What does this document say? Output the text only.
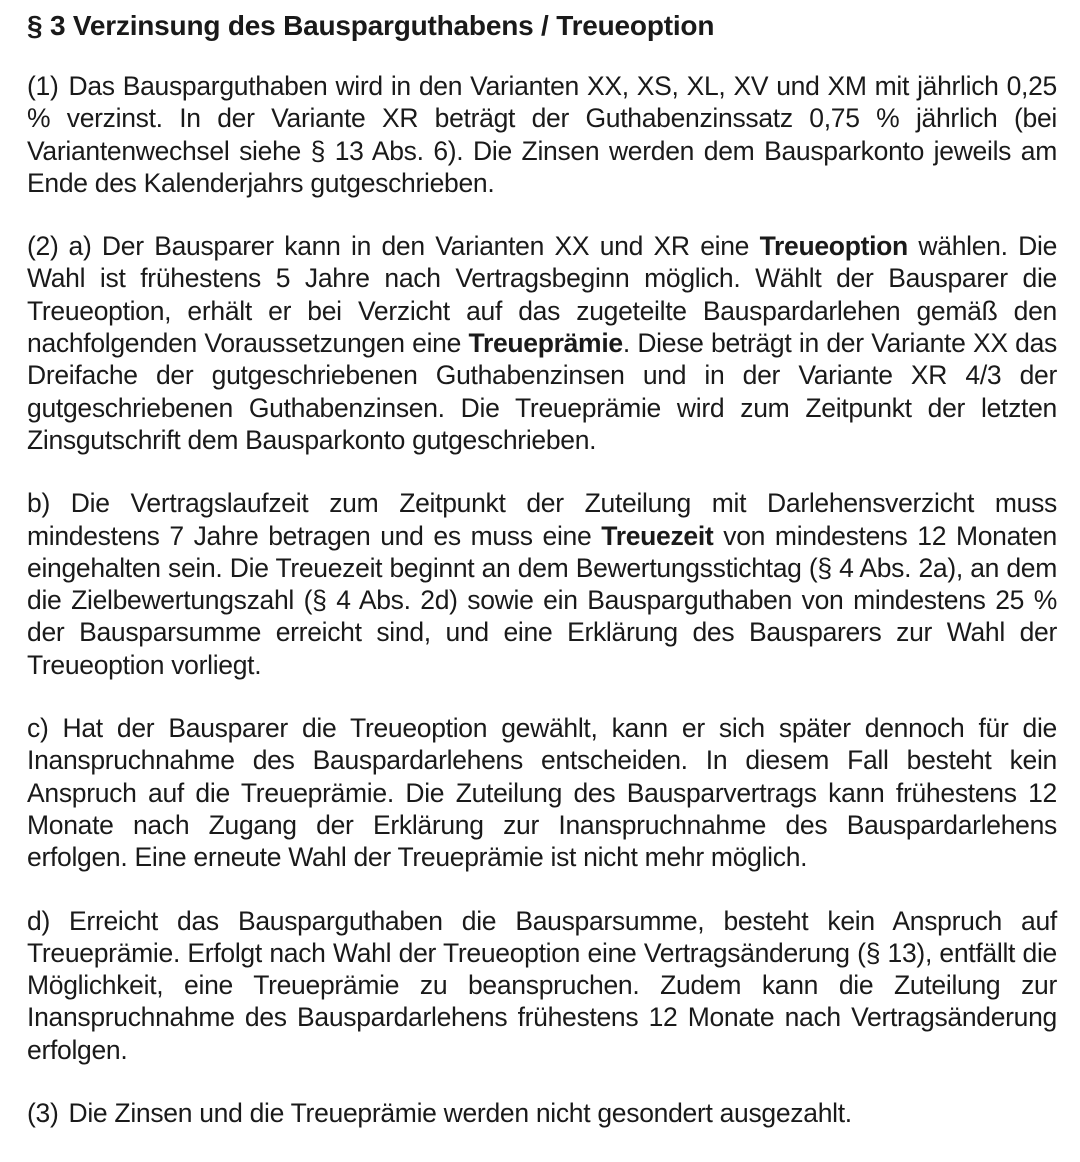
§ 3 Verzinsung des Bausparguthabens / Treueoption

(1) Das Bausparguthaben wird in den Varianten XX, XS, XL, XV und XM mit jährlich 0,25 % verzinst. In der Variante XR beträgt der Guthabenzinssatz 0,75 % jährlich (bei Variantenwechsel siehe § 13 Abs. 6). Die Zinsen werden dem Bausparkonto jeweils am Ende des Kalenderjahrs gutgeschrieben.

(2) a) Der Bausparer kann in den Varianten XX und XR eine Treueoption wählen. Die Wahl ist frühestens 5 Jahre nach Vertragsbeginn möglich. Wählt der Bausparer die Treueoption, erhält er bei Verzicht auf das zugeteilte Bauspardarlehen gemäß den nachfolgenden Voraussetzungen eine Treueprämie. Diese beträgt in der Variante XX das Dreifache der gutgeschriebenen Guthabenzinsen und in der Variante XR 4/3 der gutgeschriebenen Guthabenzinsen. Die Treueprämie wird zum Zeitpunkt der letzten Zinsgutschrift dem Bausparkonto gutgeschrieben.

b) Die Vertragslaufzeit zum Zeitpunkt der Zuteilung mit Darlehensverzicht muss mindestens 7 Jahre betragen und es muss eine Treuezeit von mindestens 12 Monaten eingehalten sein. Die Treuezeit beginnt an dem Bewertungsstichtag (§ 4 Abs. 2a), an dem die Zielbewertungszahl (§ 4 Abs. 2d) sowie ein Bausparguthaben von mindestens 25 % der Bausparsumme erreicht sind, und eine Erklärung des Bausparers zur Wahl der Treueoption vorliegt.

c) Hat der Bausparer die Treueoption gewählt, kann er sich später dennoch für die Inanspruchnahme des Bauspardarlehens entscheiden. In diesem Fall besteht kein Anspruch auf die Treueprämie. Die Zuteilung des Bausparvertrags kann frühestens 12 Monate nach Zugang der Erklärung zur Inanspruchnahme des Bauspardarlehens erfolgen. Eine erneute Wahl der Treueprämie ist nicht mehr möglich.

d) Erreicht das Bausparguthaben die Bausparsumme, besteht kein Anspruch auf Treueprämie. Erfolgt nach Wahl der Treueoption eine Vertragsänderung (§ 13), entfällt die Möglichkeit, eine Treueprämie zu beanspruchen. Zudem kann die Zuteilung zur Inanspruchnahme des Bauspardarlehens frühestens 12 Monate nach Vertragsänderung erfolgen.

(3) Die Zinsen und die Treueprämie werden nicht gesondert ausgezahlt.
